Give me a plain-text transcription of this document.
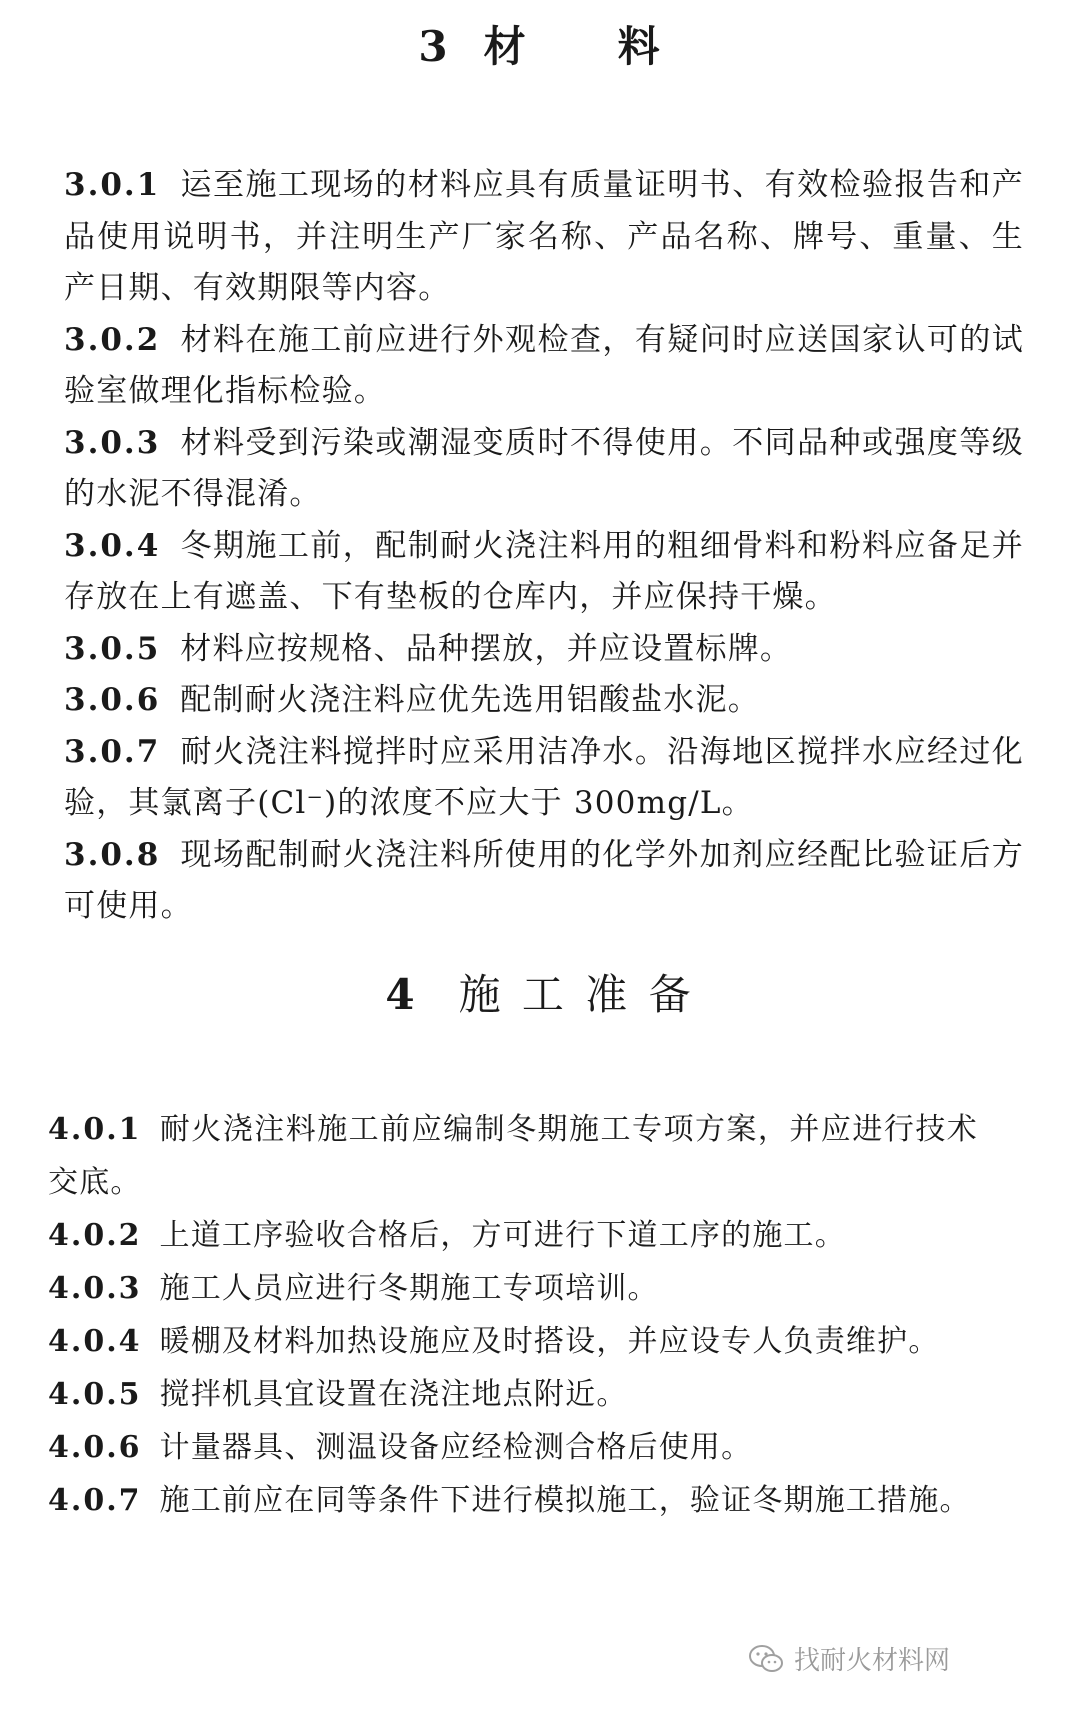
3 材 料
3.0.1 运至施工现场的材料应具有质量证明书、有效检验报告和产品使用说明书，并注明生产厂家名称、产品名称、牌号、重量、生产日期、有效期限等内容。
3.0.2 材料在施工前应进行外观检查，有疑问时应送国家认可的试验室做理化指标检验。
3.0.3 材料受到污染或潮湿变质时不得使用。不同品种或强度等级的水泥不得混淆。
3.0.4 冬期施工前，配制耐火浇注料用的粗细骨料和粉料应备足并存放在上有遮盖、下有垫板的仓库内，并应保持干燥。
3.0.5 材料应按规格、品种摆放，并应设置标牌。
3.0.6 配制耐火浇注料应优先选用铝酸盐水泥。
3.0.7 耐火浇注料搅拌时应采用洁净水。沿海地区搅拌水应经过化验，其氯离子(Cl⁻)的浓度不应大于 300mg/L。
3.0.8 现场配制耐火浇注料所使用的化学外加剂应经配比验证后方可使用。
4 施 工 准 备
4.0.1 耐火浇注料施工前应编制冬期施工专项方案，并应进行技术交底。
4.0.2 上道工序验收合格后，方可进行下道工序的施工。
4.0.3 施工人员应进行冬期施工专项培训。
4.0.4 暖棚及材料加热设施应及时搭设，并应设专人负责维护。
4.0.5 搅拌机具宜设置在浇注地点附近。
4.0.6 计量器具、测温设备应经检测合格后使用。
4.0.7 施工前应在同等条件下进行模拟施工，验证冬期施工措施。
找耐火材料网
